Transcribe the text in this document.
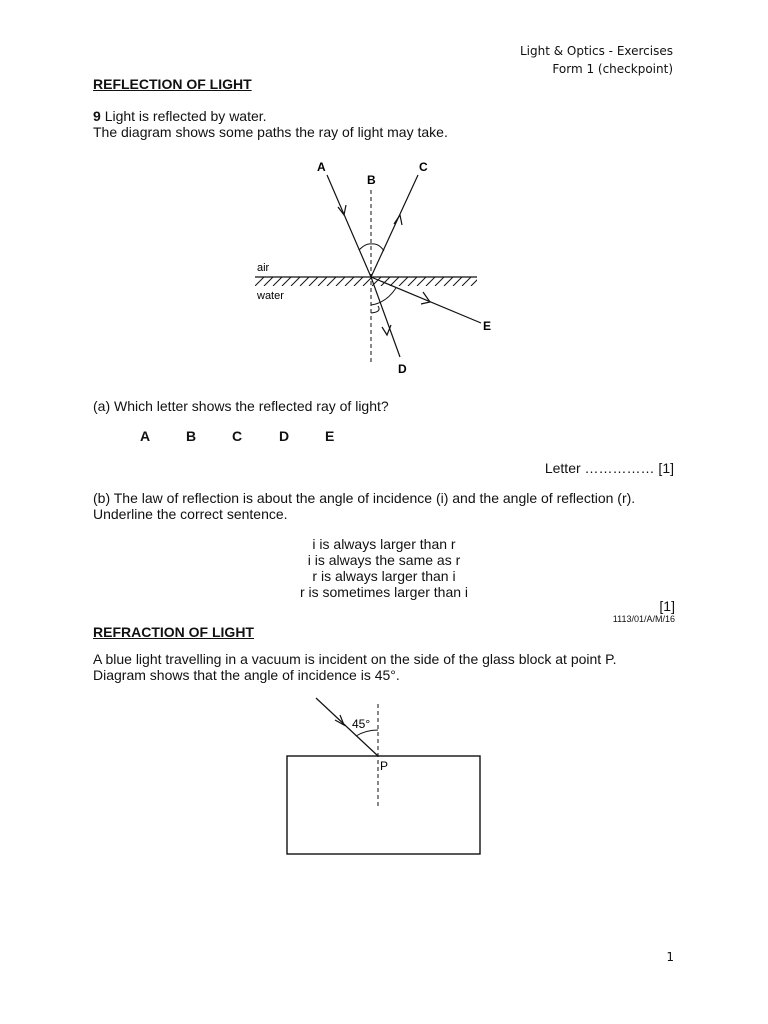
Light & Optics - Exercises
Form 1 (checkpoint)
REFLECTION OF LIGHT
9 Light is reflected by water.
The diagram shows some paths the ray of light may take.
A
B
C
D
E
air
water
(a) Which letter shows the reflected ray of light?
A	B	C	D	E
Letter …………… [1]
(b) The law of reflection is about the angle of incidence (i) and the angle of reflection (r).
Underline the correct sentence.
i is always larger than r
i is always the same as r
r is always larger than i
r is sometimes larger than i
[1]
1113/01/A/M/16
REFRACTION OF LIGHT
A blue light travelling in a vacuum is incident on the side of the glass block at point P.
Diagram shows that the angle of incidence is 45°.
45°
P
1
